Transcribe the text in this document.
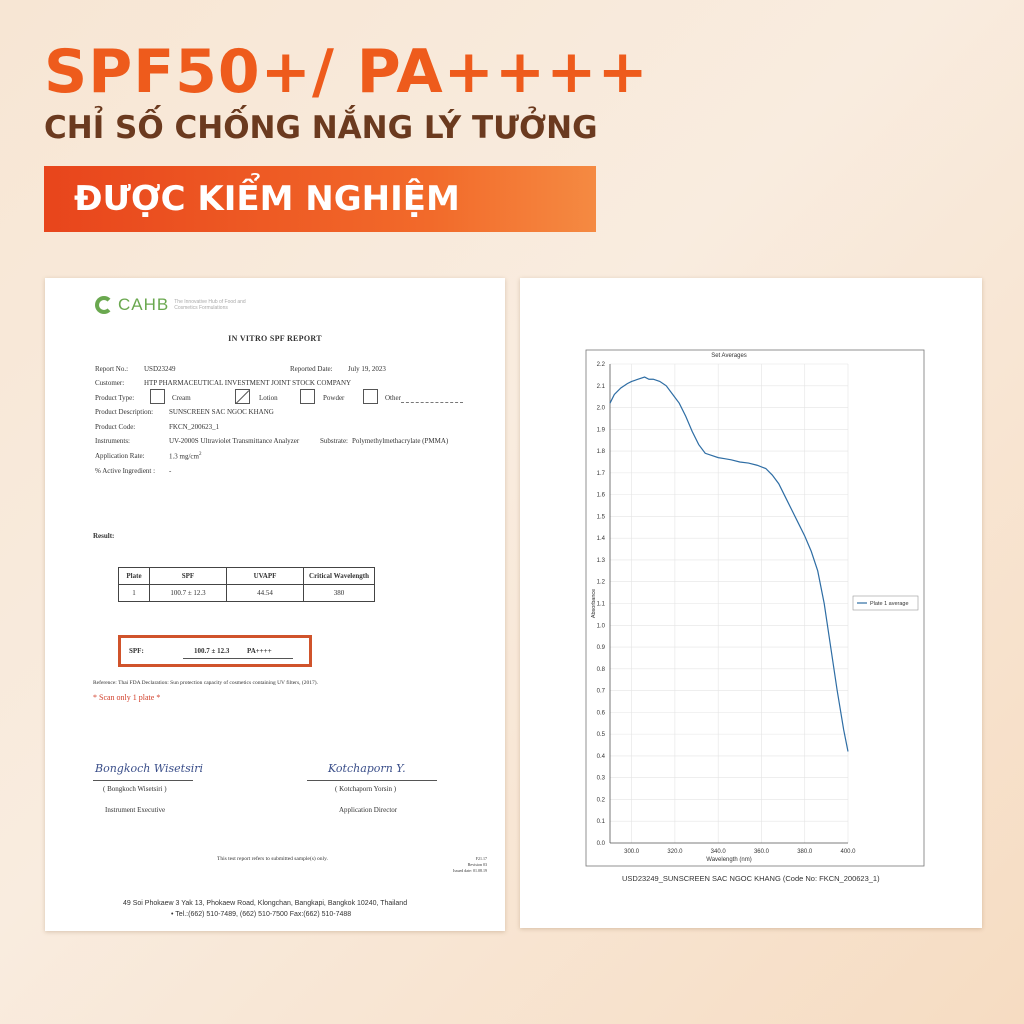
SPF50+/ PA++++
CHỈ SỐ CHỐNG NẮNG LÝ TƯỞNG
ĐƯỢC KIỂM NGHIỆM
CAHB The Innovative Hub of Food and Cosmetics Formulations
IN VITRO SPF REPORT
Report No.: USD23249	Reported Date: July 19, 2023
Customer:	HTP PHARMACEUTICAL INVESTMENT JOINT STOCK COMPANY
Product Type:	Cream	Lotion	Powder	Other
Product Description: SUNSCREEN SAC NGOC KHANG
Product Code:	FKCN_200623_1
Instruments:	UV-2000S Ultraviolet Transmittance Analyzer	Substrate: Polymethylmethacrylate (PMMA)
Application Rate:	1.3 $mg/cm^2$
% Active Ingredient : -
Result:
Plate	SPF	UVAPF	Critical Wavelength
1	100.7 ± 12.3	44.54	380
SPF:	100.7 ± 12.3	PA++++
Reference: Thai FDA Declaration: Sun protection capacity of cosmetics containing UV filters, (2017).
* Scan only 1 plate *
Bongkoch Wisetsiri
( Bongkoch Wisetsiri )
Instrument Executive
Kotchaporn Y.
( Kotchaporn Yorsin )
Application Director
This test report refers to submitted sample(s) only.	F21.17
Revision 03
Issued date: 01.08.19
49 Soi Phokaew 3 Yak 13, Phokaew Road, Klongchan, Bangkapi, Bangkok 10240, Thailand
• Tel.:(662) 510-7489, (662) 510-7500 Fax:(662) 510-7488
Set Averages
0.0
0.1
0.2
0.3
0.4
0.5
0.6
0.7
0.8
0.9
1.0
1.1
1.2
1.3
1.4
1.5
1.6
1.7
1.8
1.9
2.0
2.1
2.2
300.0	320.0	340.0	360.0	380.0	400.0
Wavelength (nm)
Absorbance	Plate 1 average
USD23249_SUNSCREEN SAC NGOC KHANG (Code No: FKCN_200623_1)
